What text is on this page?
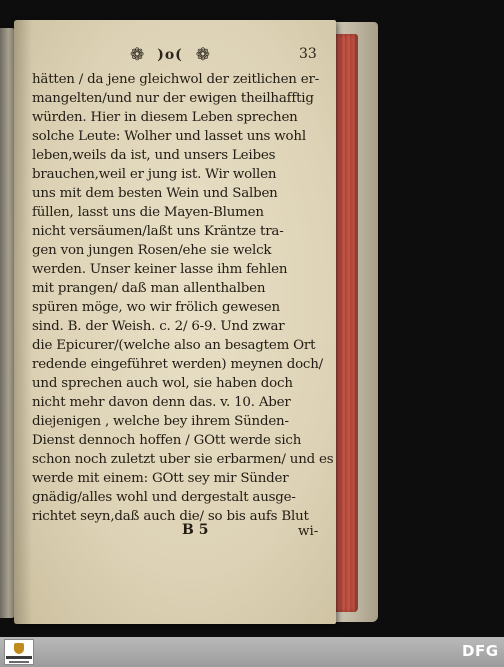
❁ )o( ❁	33
hätten / da jene gleichwol der zeitlichen er-
mangelten/und nur der ewigen theilhafftig
würden. Hier in diesem Leben sprechen
solche Leute: Wolher und lasset uns wohl
leben,weils da ist, und unsers Leibes
brauchen,weil er jung ist. Wir wollen
uns mit dem besten Wein und Salben
füllen, lasst uns die Mayen-Blumen
nicht versäumen/laßt uns Kräntze tra-
gen von jungen Rosen/ehe sie welck
werden. Unser keiner lasse ihm fehlen
mit prangen/ daß man allenthalben
spüren möge, wo wir frölich gewesen
sind. B. der Weish. c. 2/ 6-9. Und zwar
die Epicurer/(welche also an besagtem Ort
redende eingeführet werden) meynen doch/
und sprechen auch wol, sie haben doch
nicht mehr davon denn das. v. 10. Aber
diejenigen , welche bey ihrem Sünden-
Dienst dennoch hoffen / GOtt werde sich
schon noch zuletzt uber sie erbarmen/ und es
werde mit einem: GOtt sey mir Sünder
gnädig/alles wohl und dergestalt ausge-
richtet seyn,daß auch die/ so bis aufs Blut
B 5	wi-
DFG
